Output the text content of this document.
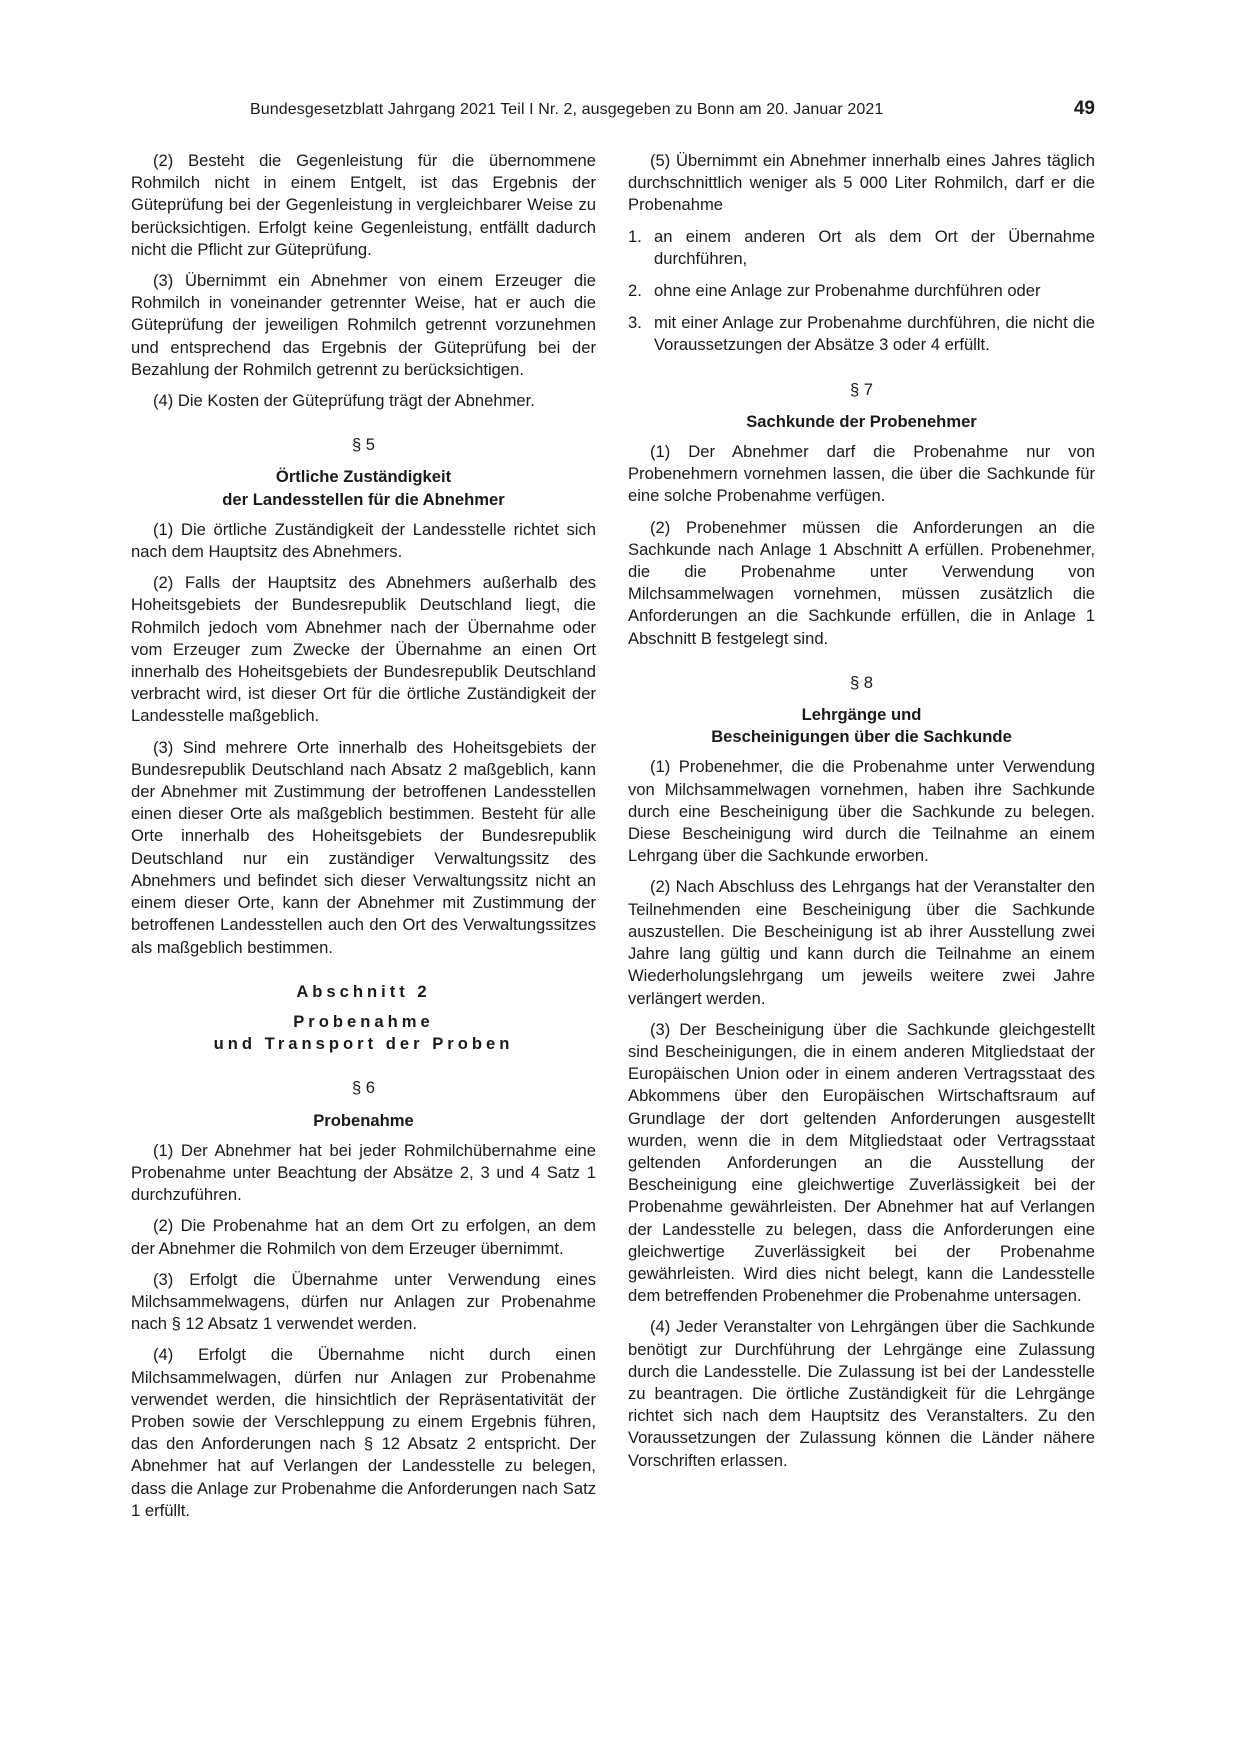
Bundesgesetzblatt Jahrgang 2021 Teil I Nr. 2, ausgegeben zu Bonn am 20. Januar 2021	49

(2) Besteht die Gegenleistung für die übernommene Rohmilch nicht in einem Entgelt, ist das Ergebnis der Güteprüfung bei der Gegenleistung in vergleichbarer Weise zu berücksichtigen. Erfolgt keine Gegenleistung, entfällt dadurch nicht die Pflicht zur Güteprüfung.

(3) Übernimmt ein Abnehmer von einem Erzeuger die Rohmilch in voneinander getrennter Weise, hat er auch die Güteprüfung der jeweiligen Rohmilch getrennt vorzunehmen und entsprechend das Ergebnis der Güteprüfung bei der Bezahlung der Rohmilch getrennt zu berücksichtigen.

(4) Die Kosten der Güteprüfung trägt der Abnehmer.

§ 5

Örtliche Zuständigkeit
der Landesstellen für die Abnehmer

(1) Die örtliche Zuständigkeit der Landesstelle richtet sich nach dem Hauptsitz des Abnehmers.

(2) Falls der Hauptsitz des Abnehmers außerhalb des Hoheitsgebiets der Bundesrepublik Deutschland liegt, die Rohmilch jedoch vom Abnehmer nach der Übernahme oder vom Erzeuger zum Zwecke der Übernahme an einen Ort innerhalb des Hoheitsgebiets der Bundesrepublik Deutschland verbracht wird, ist dieser Ort für die örtliche Zuständigkeit der Landesstelle maßgeblich.

(3) Sind mehrere Orte innerhalb des Hoheitsgebiets der Bundesrepublik Deutschland nach Absatz 2 maßgeblich, kann der Abnehmer mit Zustimmung der betroffenen Landesstellen einen dieser Orte als maßgeblich bestimmen. Besteht für alle Orte innerhalb des Hoheitsgebiets der Bundesrepublik Deutschland nur ein zuständiger Verwaltungssitz des Abnehmers und befindet sich dieser Verwaltungssitz nicht an einem dieser Orte, kann der Abnehmer mit Zustimmung der betroffenen Landesstellen auch den Ort des Verwaltungssitzes als maßgeblich bestimmen.

Abschnitt 2

Probenahme
und Transport der Proben

§ 6

Probenahme

(1) Der Abnehmer hat bei jeder Rohmilchübernahme eine Probenahme unter Beachtung der Absätze 2, 3 und 4 Satz 1 durchzuführen.

(2) Die Probenahme hat an dem Ort zu erfolgen, an dem der Abnehmer die Rohmilch von dem Erzeuger übernimmt.

(3) Erfolgt die Übernahme unter Verwendung eines Milchsammelwagens, dürfen nur Anlagen zur Probenahme nach § 12 Absatz 1 verwendet werden.

(4) Erfolgt die Übernahme nicht durch einen Milchsammelwagen, dürfen nur Anlagen zur Probenahme verwendet werden, die hinsichtlich der Repräsentativität der Proben sowie der Verschleppung zu einem Ergebnis führen, das den Anforderungen nach § 12 Absatz 2 entspricht. Der Abnehmer hat auf Verlangen der Landesstelle zu belegen, dass die Anlage zur Probenahme die Anforderungen nach Satz 1 erfüllt.

(5) Übernimmt ein Abnehmer innerhalb eines Jahres täglich durchschnittlich weniger als 5 000 Liter Rohmilch, darf er die Probenahme

1. an einem anderen Ort als dem Ort der Übernahme durchführen,
2. ohne eine Anlage zur Probenahme durchführen oder
3. mit einer Anlage zur Probenahme durchführen, die nicht die Voraussetzungen der Absätze 3 oder 4 erfüllt.

§ 7

Sachkunde der Probenehmer

(1) Der Abnehmer darf die Probenahme nur von Probenehmern vornehmen lassen, die über die Sachkunde für eine solche Probenahme verfügen.

(2) Probenehmer müssen die Anforderungen an die Sachkunde nach Anlage 1 Abschnitt A erfüllen. Probenehmer, die die Probenahme unter Verwendung von Milchsammelwagen vornehmen, müssen zusätzlich die Anforderungen an die Sachkunde erfüllen, die in Anlage 1 Abschnitt B festgelegt sind.

§ 8

Lehrgänge und
Bescheinigungen über die Sachkunde

(1) Probenehmer, die die Probenahme unter Verwendung von Milchsammelwagen vornehmen, haben ihre Sachkunde durch eine Bescheinigung über die Sachkunde zu belegen. Diese Bescheinigung wird durch die Teilnahme an einem Lehrgang über die Sachkunde erworben.

(2) Nach Abschluss des Lehrgangs hat der Veranstalter den Teilnehmenden eine Bescheinigung über die Sachkunde auszustellen. Die Bescheinigung ist ab ihrer Ausstellung zwei Jahre lang gültig und kann durch die Teilnahme an einem Wiederholungslehrgang um jeweils weitere zwei Jahre verlängert werden.

(3) Der Bescheinigung über die Sachkunde gleichgestellt sind Bescheinigungen, die in einem anderen Mitgliedstaat der Europäischen Union oder in einem anderen Vertragsstaat des Abkommens über den Europäischen Wirtschaftsraum auf Grundlage der dort geltenden Anforderungen ausgestellt wurden, wenn die in dem Mitgliedstaat oder Vertragsstaat geltenden Anforderungen an die Ausstellung der Bescheinigung eine gleichwertige Zuverlässigkeit bei der Probenahme gewährleisten. Der Abnehmer hat auf Verlangen der Landesstelle zu belegen, dass die Anforderungen eine gleichwertige Zuverlässigkeit bei der Probenahme gewährleisten. Wird dies nicht belegt, kann die Landesstelle dem betreffenden Probenehmer die Probenahme untersagen.

(4) Jeder Veranstalter von Lehrgängen über die Sachkunde benötigt zur Durchführung der Lehrgänge eine Zulassung durch die Landesstelle. Die Zulassung ist bei der Landesstelle zu beantragen. Die örtliche Zuständigkeit für die Lehrgänge richtet sich nach dem Hauptsitz des Veranstalters. Zu den Voraussetzungen der Zulassung können die Länder nähere Vorschriften erlassen.
